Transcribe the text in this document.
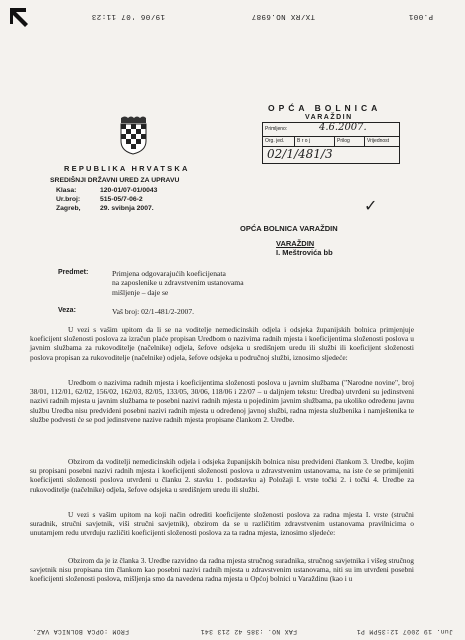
P.001
TX/RX NO.6987
19/06 '07 11:23
OPĆA BOLNICA
VARAŽDIN
Primljeno:	4.6.2007.
Org. jed.	B r o j	Prilog	Vrijednost
02/1/481/3
REPUBLIKA HRVATSKA
SREDIŠNJI DRŽAVNI URED ZA UPRAVU
Klasa:	120-01/07-01/0043
Ur.broj:	515-05/7-06-2
Zagreb,	29. svibnja 2007.
OPĆA BOLNICA VARAŽDIN
✓
VARAŽDIN
I. Meštrovića bb
Predmet:	Primjena odgovarajućih koeficijenata
na zaposlenike u zdravstvenim ustanovama
mišljenje – daje se
Veza:	Vaš broj: 02/1-481/2-2007.

U vezi s vašim upitom da li se na voditelje nemedicinskih odjela i odsjeka županijskih bolnica primjenjuje koeficijent složenosti poslova za izračun plaće propisan Uredbom o nazivima radnih mjesta i koeficijentima složenosti poslova u javnim službama za rukovoditelje (načelnike) odjela, šefove odsjeka u središnjem uredu ili službi ili koeficijent složenosti poslova propisan za rukovoditelje (načelnike) odjela, šefove odsjeka u područnoj službi, iznosimo sljedeće:

Uredbom o nazivima radnih mjesta i koeficijentima složenosti poslova u javnim službama ("Narodne novine", broj 38/01, 112/01, 62/02, 156/02, 162/03, 82/05, 133/05, 30/06, 118/06 i 22/07 – u daljnjem tekstu: Uredba) utvrđeni su jedinstveni nazivi radnih mjesta u javnim službama te posebni nazivi radnih mjesta u pojedinim javnim službama, pa ukoliko određenu javnu službu Uredba nisu predviđeni posebni nazivi radnih mjesta u određenoj javnoj službi, radna mjesta službenika i namještenika te službe podvesti će se pod jedinstvene nazive radnih mjesta propisane člankom 2. Uredbe.

Obzirom da voditelji nemedicinskih odjela i odsjeka županijskih bolnica nisu predviđeni člankom 3. Uredbe, kojim su propisani posebni nazivi radnih mjesta i koeficijenti složenosti poslova u zdravstvenim ustanovama, na iste će se primijeniti koeficijenti složenosti poslova utvrđeni u članku 2. stavku 1. podstavku a) Položaji I. vrste točki 2. i točki 4. Uredbe za rukovoditelje (načelnike) odjela, šefove odsjeka u središnjem uredu ili službi.

U vezi s vašim upitom na koji način odrediti koeficijente složenosti poslova za radna mjesta I. vrste (stručni suradnik, stručni savjetnik, viši stručni savjetnik), obzirom da se u različitim zdravstvenim ustanovama pravilnicima o unutarnjem redu utvrđuju različiti koeficijenti složenosti poslova za ta radna mjesta, iznosimo sljedeće:

Obzirom da je iz članka 3. Uredbe razvidno da radna mjesta stručnog suradnika, stručnog savjetnika i višeg stručnog savjetnik nisu propisana tim člankom kao posebni nazivi radnih mjesta u zdravstvenim ustanovama, niti su im utvrđeni posebni koeficijenti složenosti poslova, mišljenja smo da navedena radna mjesta u Općoj bolnici u Varaždinu (kao i u

Jun. 19 2007 12:35PM P1
FAX NO. :385 42 213 341
FROM :OPCA BOLNICA VAZ.
